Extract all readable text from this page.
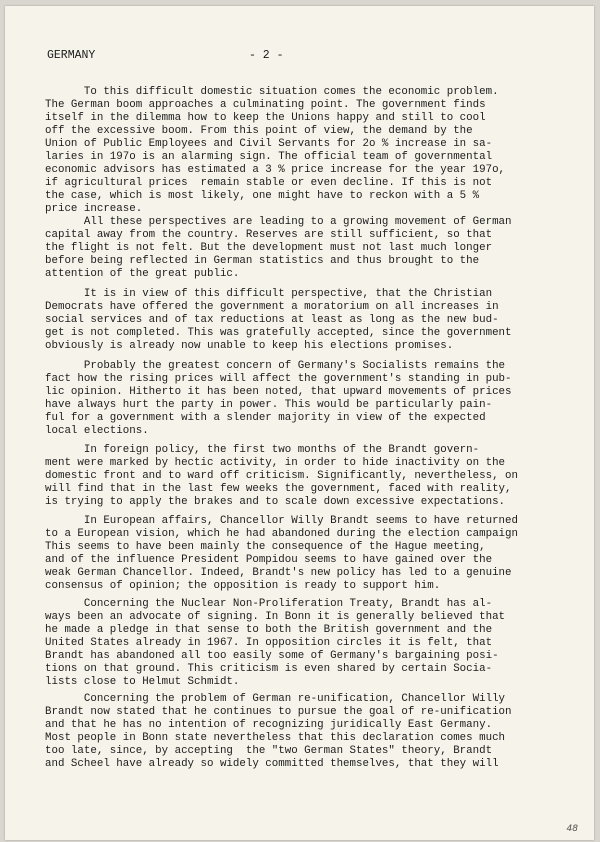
GERMANY	- 2 -

To this difficult domestic situation comes the economic problem.

The German boom approaches a culminating point. The government finds

itself in the dilemma how to keep the Unions happy and still to cool

off the excessive boom. From this point of view, the demand by the

Union of Public Employees and Civil Servants for 2o % increase in sa-

laries in 197o is an alarming sign. The official team of governmental

economic advisors has estimated a 3 % price increase for the year 197o,

if agricultural prices  remain stable or even decline. If this is not

the case, which is most likely, one might have to reckon with a 5 %

price increase.

All these perspectives are leading to a growing movement of German

capital away from the country. Reserves are still sufficient, so that

the flight is not felt. But the development must not last much longer

before being reflected in German statistics and thus brought to the

attention of the great public.

It is in view of this difficult perspective, that the Christian

Democrats have offered the government a moratorium on all increases in

social services and of tax reductions at least as long as the new bud-

get is not completed. This was gratefully accepted, since the government

obviously is already now unable to keep his elections promises.

Probably the greatest concern of Germany's Socialists remains the

fact how the rising prices will affect the government's standing in pub-

lic opinion. Hitherto it has been noted, that upward movements of prices

have always hurt the party in power. This would be particularly pain-

ful for a government with a slender majority in view of the expected

local elections.

In foreign policy, the first two months of the Brandt govern-

ment were marked by hectic activity, in order to hide inactivity on the

domestic front and to ward off criticism. Significantly, nevertheless, on

will find that in the last few weeks the government, faced with reality,

is trying to apply the brakes and to scale down excessive expectations.

In European affairs, Chancellor Willy Brandt seems to have returned

to a European vision, which he had abandoned during the election campaign

This seems to have been mainly the consequence of the Hague meeting,

and of the influence President Pompidou seems to have gained over the

weak German Chancellor. Indeed, Brandt's new policy has led to a genuine

consensus of opinion; the opposition is ready to support him.

Concerning the Nuclear Non-Proliferation Treaty, Brandt has al-

ways been an advocate of signing. In Bonn it is generally believed that

he made a pledge in that sense to both the British government and the

United States already in 1967. In opposition circles it is felt, that

Brandt has abandoned all too easily some of Germany's bargaining posi-

tions on that ground. This criticism is even shared by certain Socia-

lists close to Helmut Schmidt.

Concerning the problem of German re-unification, Chancellor Willy

Brandt now stated that he continues to pursue the goal of re-unification

and that he has no intention of recognizing juridically East Germany.

Most people in Bonn state nevertheless that this declaration comes much

too late, since, by accepting  the "two German States" theory, Brandt

and Scheel have already so widely committed themselves, that they will

48
